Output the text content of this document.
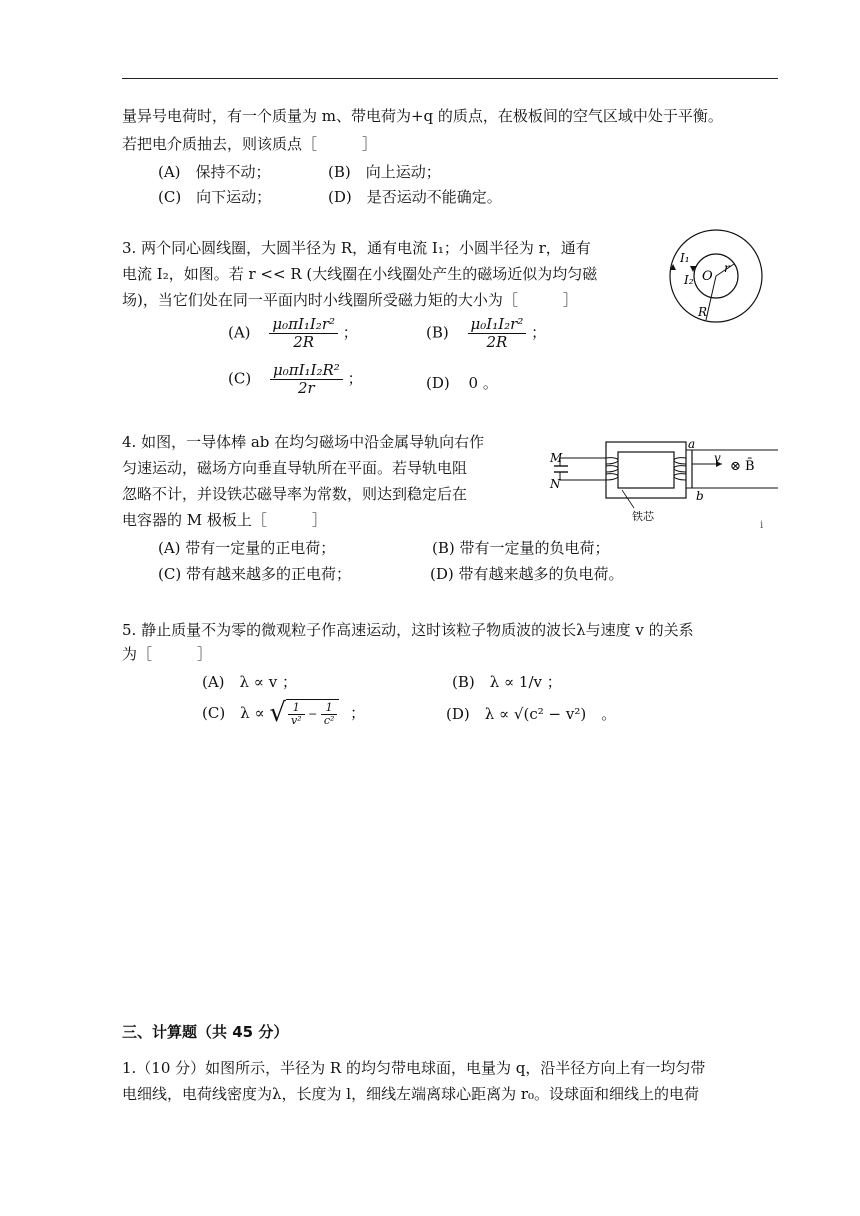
量异号电荷时，有一个质量为 m、带电荷为+q 的质点，在极板间的空气区域中处于平衡。
若把电介质抽去，则该质点［　　　］
(A)　保持不动；	(B)　向上运动；
(C)　向下运动；	(D)　是否运动不能确定。
3. 两个同心圆线圈，大圆半径为 R，通有电流 I₁；小圆半径为 r，通有
电流 I₂，如图。若 r << R (大线圈在小线圈处产生的磁场近似为均匀磁
场)，当它们处在同一平面内时小线圈所受磁力矩的大小为［　　　］
$(A) \frac{\text{μ₀πI₁I₂r²}}{2R}$ ；	$(B) \frac{\text{μ₀I₁I₂r²}}{2R}$ ；
$(C) \frac{\text{μ₀πI₁I₂R²}}{2r}$ ；	(D) 0 。
I₁
I₂ O
r
R
4. 如图，一导体棒 ab 在均匀磁场中沿金属导轨向右作
匀速运动，磁场方向垂直导轨所在平面。若导轨电阻
忽略不计，并设铁芯磁导率为常数，则达到稳定后在
电容器的 M 极板上［　　　］
(A) 带有一定量的正电荷；	(B) 带有一定量的负电荷；
(C) 带有越来越多的正电荷；	(D) 带有越来越多的负电荷。
M
N
a
b
v
⊗ B̄
铁芯
i
5. 静止质量不为零的微观粒子作高速运动，这时该粒子物质波的波长λ与速度 v 的关系
为［　　　］
(A)　λ ∝ v ；	(B)　λ ∝ 1/v ；
(C)　λ ∝ √ $\frac{1}{\text{v²}} - \frac{1}{\text{c²}}$ ；	(D)　λ ∝ √(c² − v²)　。
三、计算题（共 45 分）
1.（10 分）如图所示，半径为 R 的均匀带电球面，电量为 q，沿半径方向上有一均匀带
电细线，电荷线密度为λ，长度为 l，细线左端离球心距离为 r₀。设球面和细线上的电荷
